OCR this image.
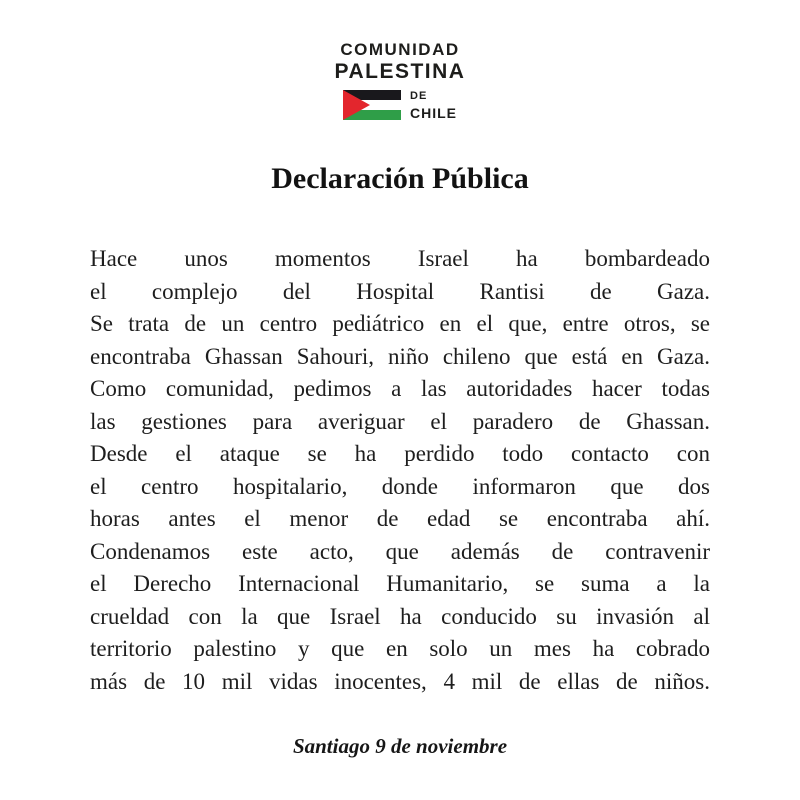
COMUNIDAD
PALESTINA
DE
CHILE
Declaración Pública
Hace unos momentos Israel ha bombardeado
el complejo del Hospital Rantisi de Gaza.
Se trata de un centro pediátrico en el que, entre otros, se
encontraba Ghassan Sahouri, niño chileno que está en Gaza.
Como comunidad, pedimos a las autoridades hacer todas
las gestiones para averiguar el paradero de Ghassan.
Desde el ataque se ha perdido todo contacto con
el centro hospitalario, donde informaron que dos
horas antes el menor de edad se encontraba ahí.
Condenamos este acto, que además de contravenir
el Derecho Internacional Humanitario, se suma a la
crueldad con la que Israel ha conducido su invasión al
territorio palestino y que en solo un mes ha cobrado
más de 10 mil vidas inocentes, 4 mil de ellas de niños.
Santiago 9 de noviembre
